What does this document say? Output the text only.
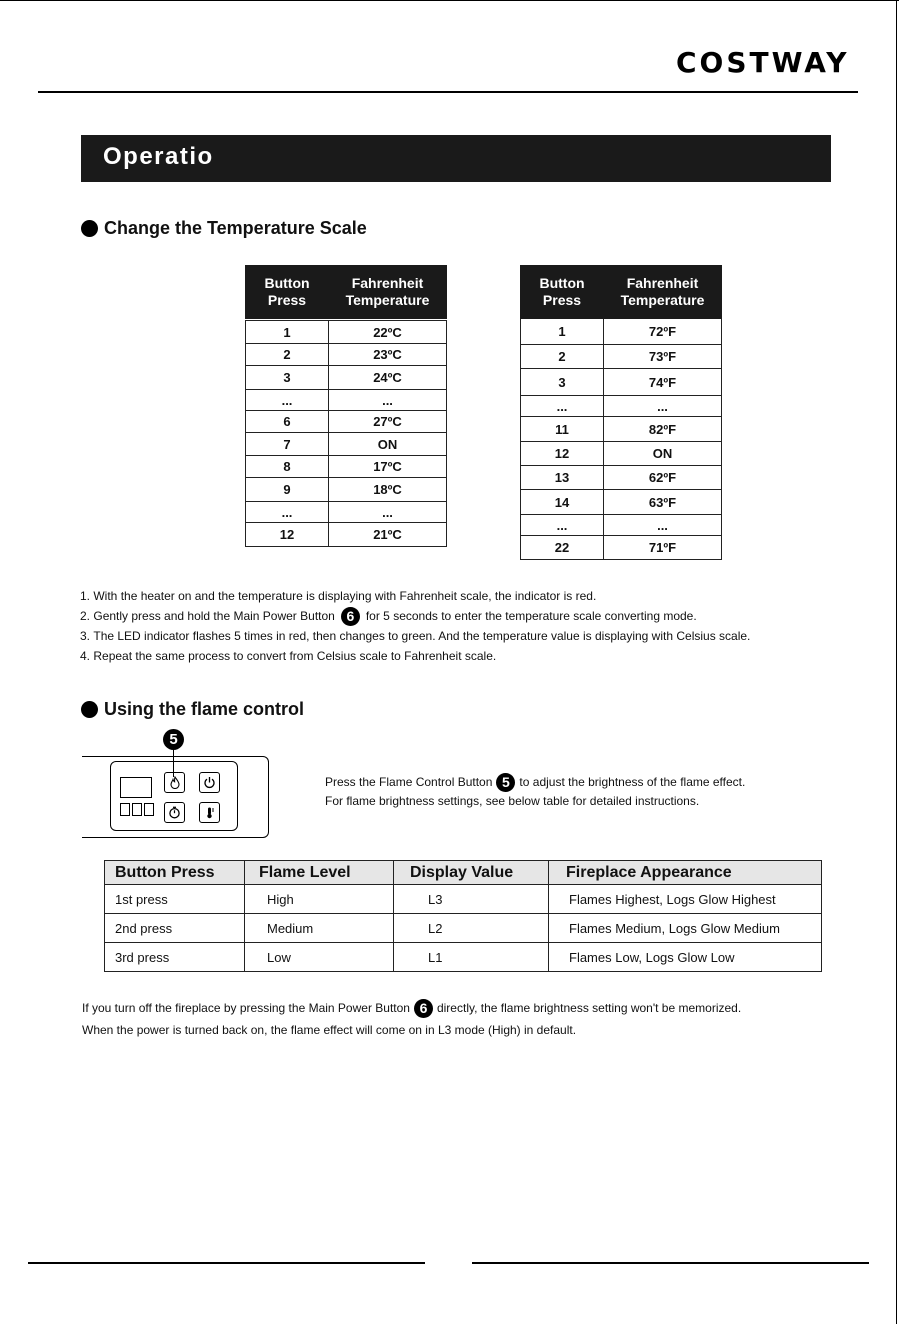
COSTWAY
Operatio
Change the Temperature Scale
Button
Press	Fahrenheit
Temperature

1	22ºC
2	23ºC
3	24ºC
...	...
6	27ºC
7	ON
8	17ºC
9	18ºC
...	...
12	21ºC
Button
Press	Fahrenheit
Temperature
1	72ºF
2	73ºF
3	74ºF
...	...
11	82ºF
12	ON
13	62ºF
14	63ºF
...	...
22	71ºF
1.
With the heater on and the temperature is displaying with Fahrenheit scale, the indicator is red.
2.
Gently press and hold the Main Power Button 6 for 5 seconds to enter the temperature scale converting mode.
3.
The LED indicator flashes 5 times in red, then changes to green. And the temperature value is displaying with Celsius scale.
4.
Repeat the same process to convert from Celsius scale to Fahrenheit scale.
Using the flame control
5
Press the Flame Control Button 5 to adjust the brightness of the flame effect.
For flame brightness settings, see below table for detailed instructions.
Button Press	Flame Level	Display Value	Fireplace Appearance
1st press	High	L3	Flames Highest, Logs Glow Highest
2nd press	Medium	L2	Flames Medium, Logs Glow Medium
3rd press	Low	L1	Flames Low, Logs Glow Low
If you turn off the fireplace by pressing the Main Power Button 6 directly, the flame brightness setting won't be memorized.
When the power is turned back on, the flame effect will come on in L3 mode (High) in default.
